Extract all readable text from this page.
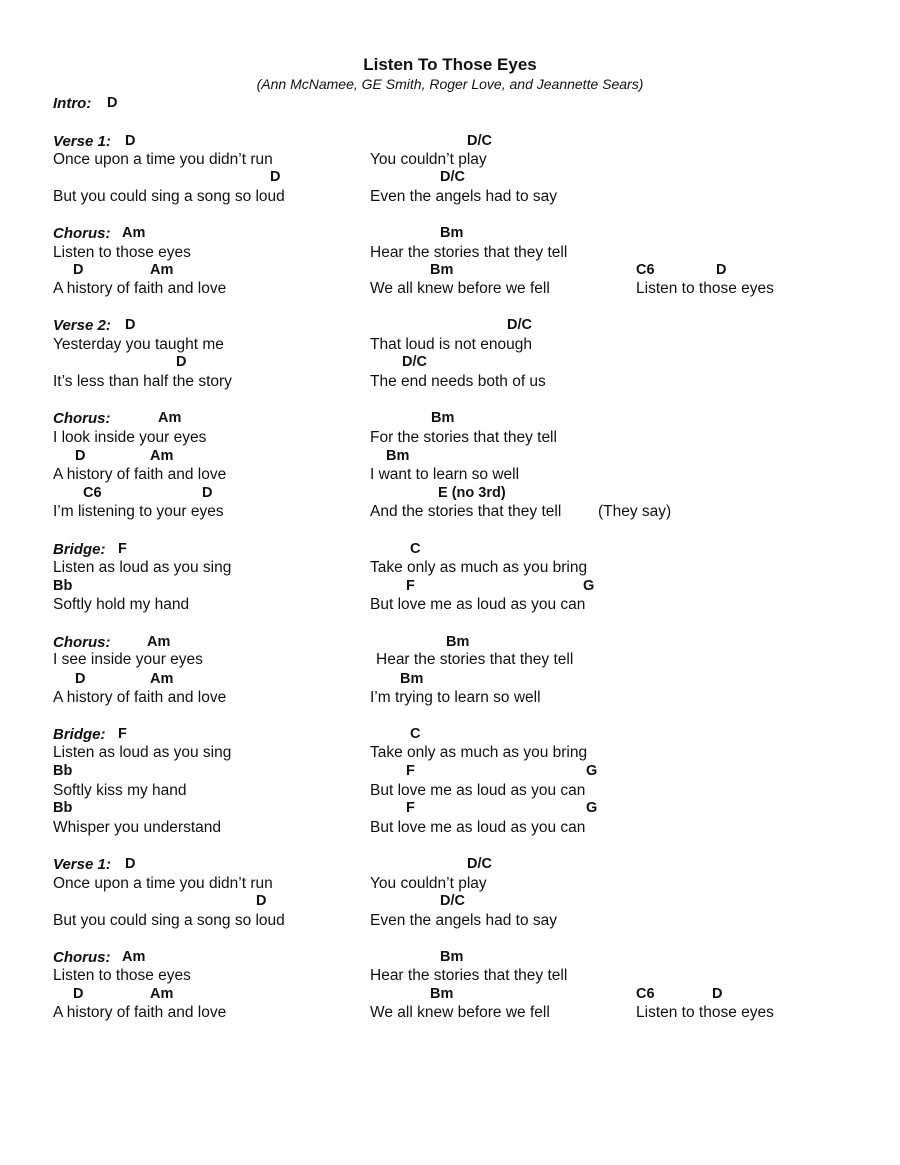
Listen To Those Eyes
(Ann McNamee, GE Smith, Roger Love, and Jeannette Sears)
Intro: D
Verse 1: D	D/C
Once upon a time you didn’t run	You couldn’t play
D	D/C
But you could sing a song so loud	Even the angels had to say
Chorus: Am	Bm
Listen to those eyes	Hear the stories that they tell
D	Am	Bm	C6	D
A history of faith and love	We all knew before we fell	Listen to those eyes
Verse 2: D	D/C
Yesterday you taught me	That loud is not enough
D	D/C
It’s less than half the story	The end needs both of us
Chorus:	Am	Bm
I look inside your eyes	For the stories that they tell
D	Am	Bm
A history of faith and love	I want to learn so well
C6	D	E (no 3rd)
I’m listening to your eyes	And the stories that they tell (They say)
Bridge: F	C
Listen as loud as you sing	Take only as much as you bring
Bb	F	G
Softly hold my hand	But love me as loud as you can
Chorus:	Am	Bm
I see inside your eyes	Hear the stories that they tell
D	Am	Bm
A history of faith and love	I’m trying to learn so well
Bridge: F	C
Listen as loud as you sing	Take only as much as you bring
Bb	F	G
Softly kiss my hand	But love me as loud as you can
Bb	F	G
Whisper you understand	But love me as loud as you can
Verse 1: D	D/C
Once upon a time you didn’t run	You couldn’t play
D	D/C
But you could sing a song so loud	Even the angels had to say
Chorus: Am	Bm
Listen to those eyes	Hear the stories that they tell
D	Am	Bm	C6	D
A history of faith and love	We all knew before we fell	Listen to those eyes
